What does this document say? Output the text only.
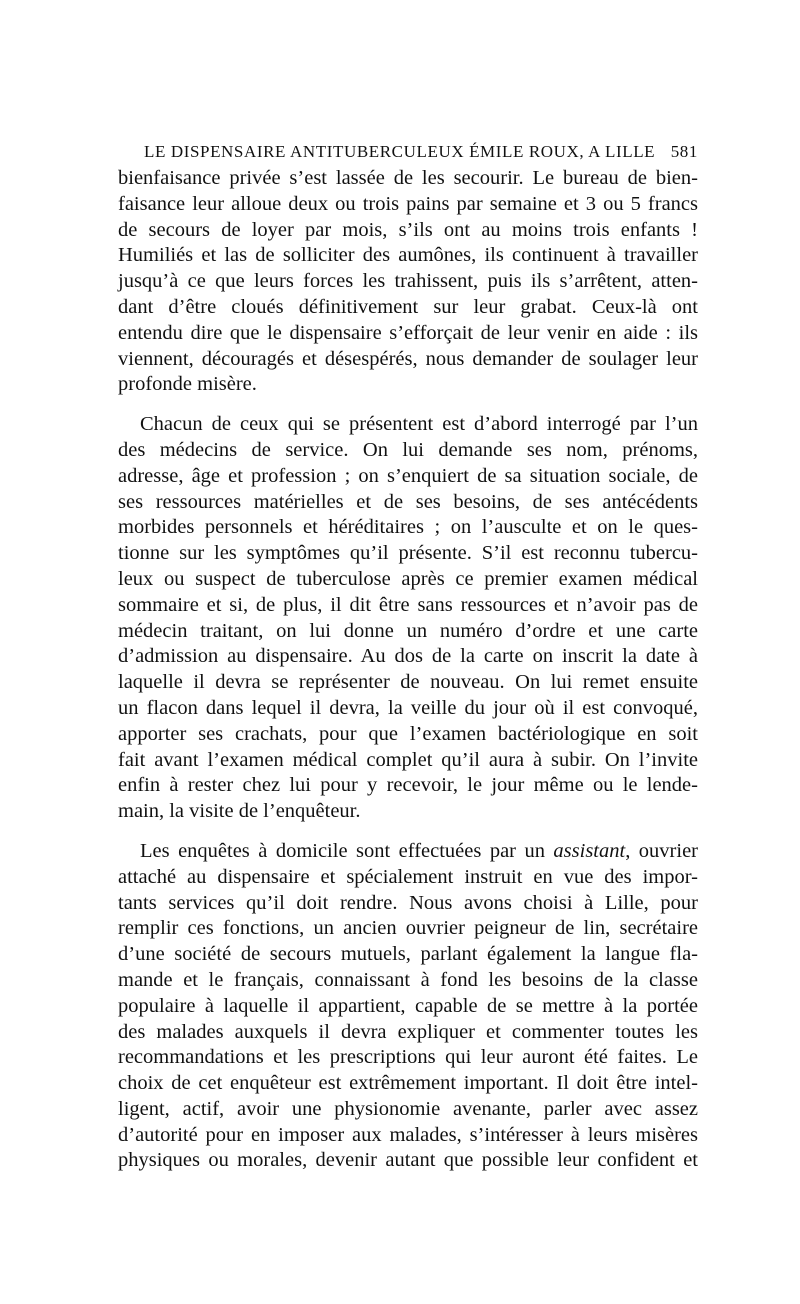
LE DISPENSAIRE ANTITUBERCULEUX ÉMILE ROUX, A LILLE 581

bienfaisance privée s’est lassée de les secourir. Le bureau de bien-
faisance leur alloue deux ou trois pains par semaine et 3 ou 5 francs
de secours de loyer par mois, s’ils ont au moins trois enfants !
Humiliés et las de solliciter des aumônes, ils continuent à travailler
jusqu’à ce que leurs forces les trahissent, puis ils s’arrêtent, atten-
dant d’être cloués définitivement sur leur grabat. Ceux-là ont
entendu dire que le dispensaire s’efforçait de leur venir en aide : ils
viennent, découragés et désespérés, nous demander de soulager leur
profonde misère.

Chacun de ceux qui se présentent est d’abord interrogé par l’un
des médecins de service. On lui demande ses nom, prénoms,
adresse, âge et profession ; on s’enquiert de sa situation sociale, de
ses ressources matérielles et de ses besoins, de ses antécédents
morbides personnels et héréditaires ; on l’ausculte et on le ques-
tionne sur les symptômes qu’il présente. S’il est reconnu tubercu-
leux ou suspect de tuberculose après ce premier examen médical
sommaire et si, de plus, il dit être sans ressources et n’avoir pas de
médecin traitant, on lui donne un numéro d’ordre et une carte
d’admission au dispensaire. Au dos de la carte on inscrit la date à
laquelle il devra se représenter de nouveau. On lui remet ensuite
un flacon dans lequel il devra, la veille du jour où il est convoqué,
apporter ses crachats, pour que l’examen bactériologique en soit
fait avant l’examen médical complet qu’il aura à subir. On l’invite
enfin à rester chez lui pour y recevoir, le jour même ou le lende-
main, la visite de l’enquêteur.

Les enquêtes à domicile sont effectuées par un assistant, ouvrier
attaché au dispensaire et spécialement instruit en vue des impor-
tants services qu’il doit rendre. Nous avons choisi à Lille, pour
remplir ces fonctions, un ancien ouvrier peigneur de lin, secrétaire
d’une société de secours mutuels, parlant également la langue fla-
mande et le français, connaissant à fond les besoins de la classe
populaire à laquelle il appartient, capable de se mettre à la portée
des malades auxquels il devra expliquer et commenter toutes les
recommandations et les prescriptions qui leur auront été faites. Le
choix de cet enquêteur est extrêmement important. Il doit être intel-
ligent, actif, avoir une physionomie avenante, parler avec assez
d’autorité pour en imposer aux malades, s’intéresser à leurs misères
physiques ou morales, devenir autant que possible leur confident et
